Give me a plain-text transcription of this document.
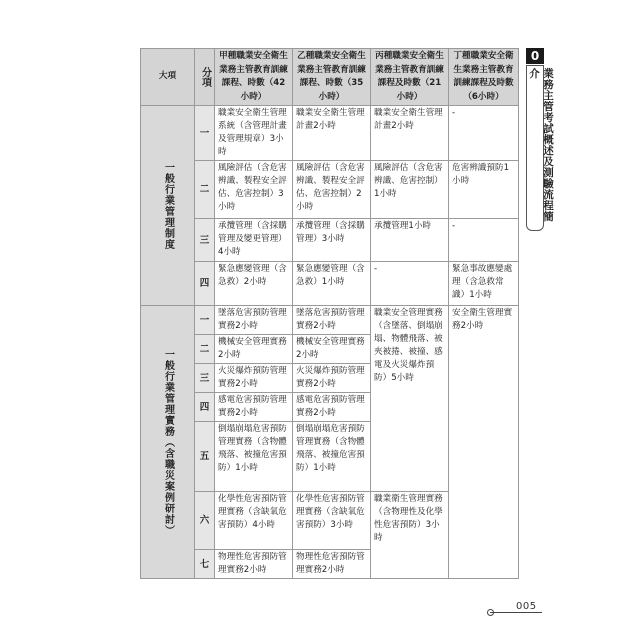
大項	分項	甲種職業安全衛生業務主管教育訓練課程、時數（42小時）	乙種職業安全衛生業務主管教育訓練課程、時數（35小時）	丙種職業安全衛生業務主管教育訓練課程及時數（21小時）	丁種職業安全衛生業務主管教育訓練課程及時數（6小時）

一般行業管理制度	一	職業安全衛生管理系統（含管理計畫及管理規章）3小時	職業安全衛生管理計畫2小時	職業安全衛生管理計畫2小時	-
	二	風險評估（含危害辨識、製程安全評估、危害控制）3小時	風險評估（含危害辨識、製程安全評估、危害控制）2小時	風險評估（含危害辨識、危害控制）1小時	危害辨識預防1小時
	三	承攬管理（含採購管理及變更管理）4小時	承攬管理（含採購管理）3小時	承攬管理1小時	-
	四	緊急應變管理（含急救）2小時	緊急應變管理（含急救）1小時	-	緊急事故應變處理（含急救常識）1小時

一般行業管理實務（含職災案例研討）	一	墜落危害預防管理實務2小時	墜落危害預防管理實務2小時	職業安全管理實務（含墜落、倒塌崩塌、物體飛落、被夾被捲、被撞、感電及火災爆炸預防）5小時	安全衛生管理實務2小時
	二	機械安全管理實務2小時	機械安全管理實務2小時		
	三	火災爆炸預防管理實務2小時	火災爆炸預防管理實務2小時		
	四	感電危害預防管理實務2小時	感電危害預防管理實務2小時		
	五	倒塌崩塌危害預防管理實務（含物體飛落、被撞危害預防）1小時	倒塌崩塌危害預防管理實務（含物體飛落、被撞危害預防）1小時		
	六	化學性危害預防管理實務（含缺氧危害預防）4小時	化學性危害預防管理實務（含缺氧危害預防）3小時	職業衛生管理實務（含物理性及化學性危害預防）3小時	
	七	物理性危害預防管理實務2小時	物理性危害預防管理實務2小時		
0
業務主管考試概述及測驗流程簡介
005
